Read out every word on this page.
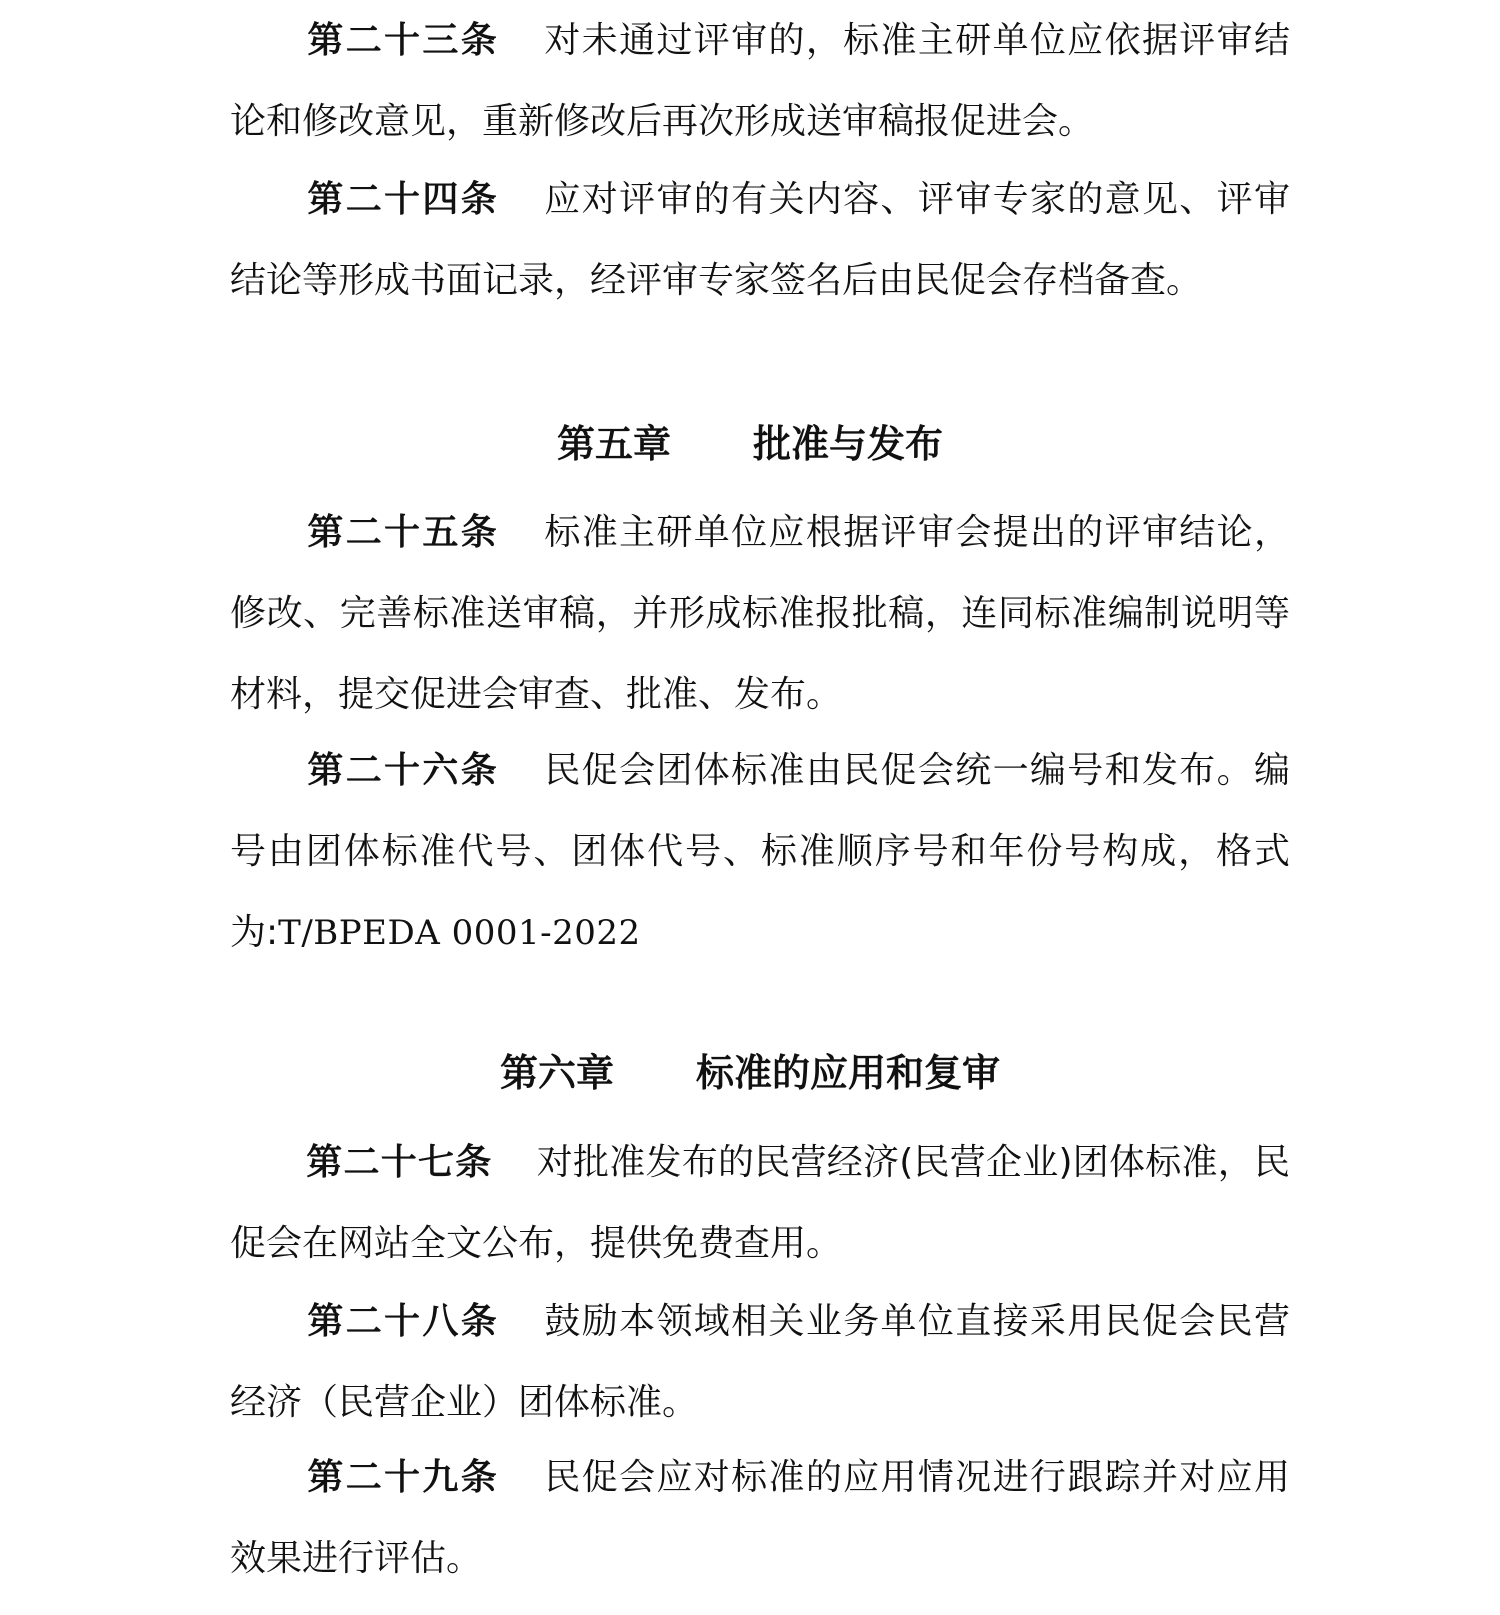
第二十三条 对未通过评审的，标准主研单位应依据评审结论和修改意见，重新修改后再次形成送审稿报促进会。

第二十四条 应对评审的有关内容、评审专家的意见、评审结论等形成书面记录，经评审专家签名后由民促会存档备查。

第五章 批准与发布

第二十五条 标准主研单位应根据评审会提出的评审结论，修改、完善标准送审稿，并形成标准报批稿，连同标准编制说明等材料，提交促进会审查、批准、发布。

第二十六条 民促会团体标准由民促会统一编号和发布。编号由团体标准代号、团体代号、标准顺序号和年份号构成，格式为:T/BPEDA 0001-2022

第六章 标准的应用和复审

第二十七条 对批准发布的民营经济(民营企业)团体标准，民促会在网站全文公布，提供免费查用。

第二十八条 鼓励本领域相关业务单位直接采用民促会民营经济（民营企业）团体标准。

第二十九条 民促会应对标准的应用情况进行跟踪并对应用效果进行评估。
